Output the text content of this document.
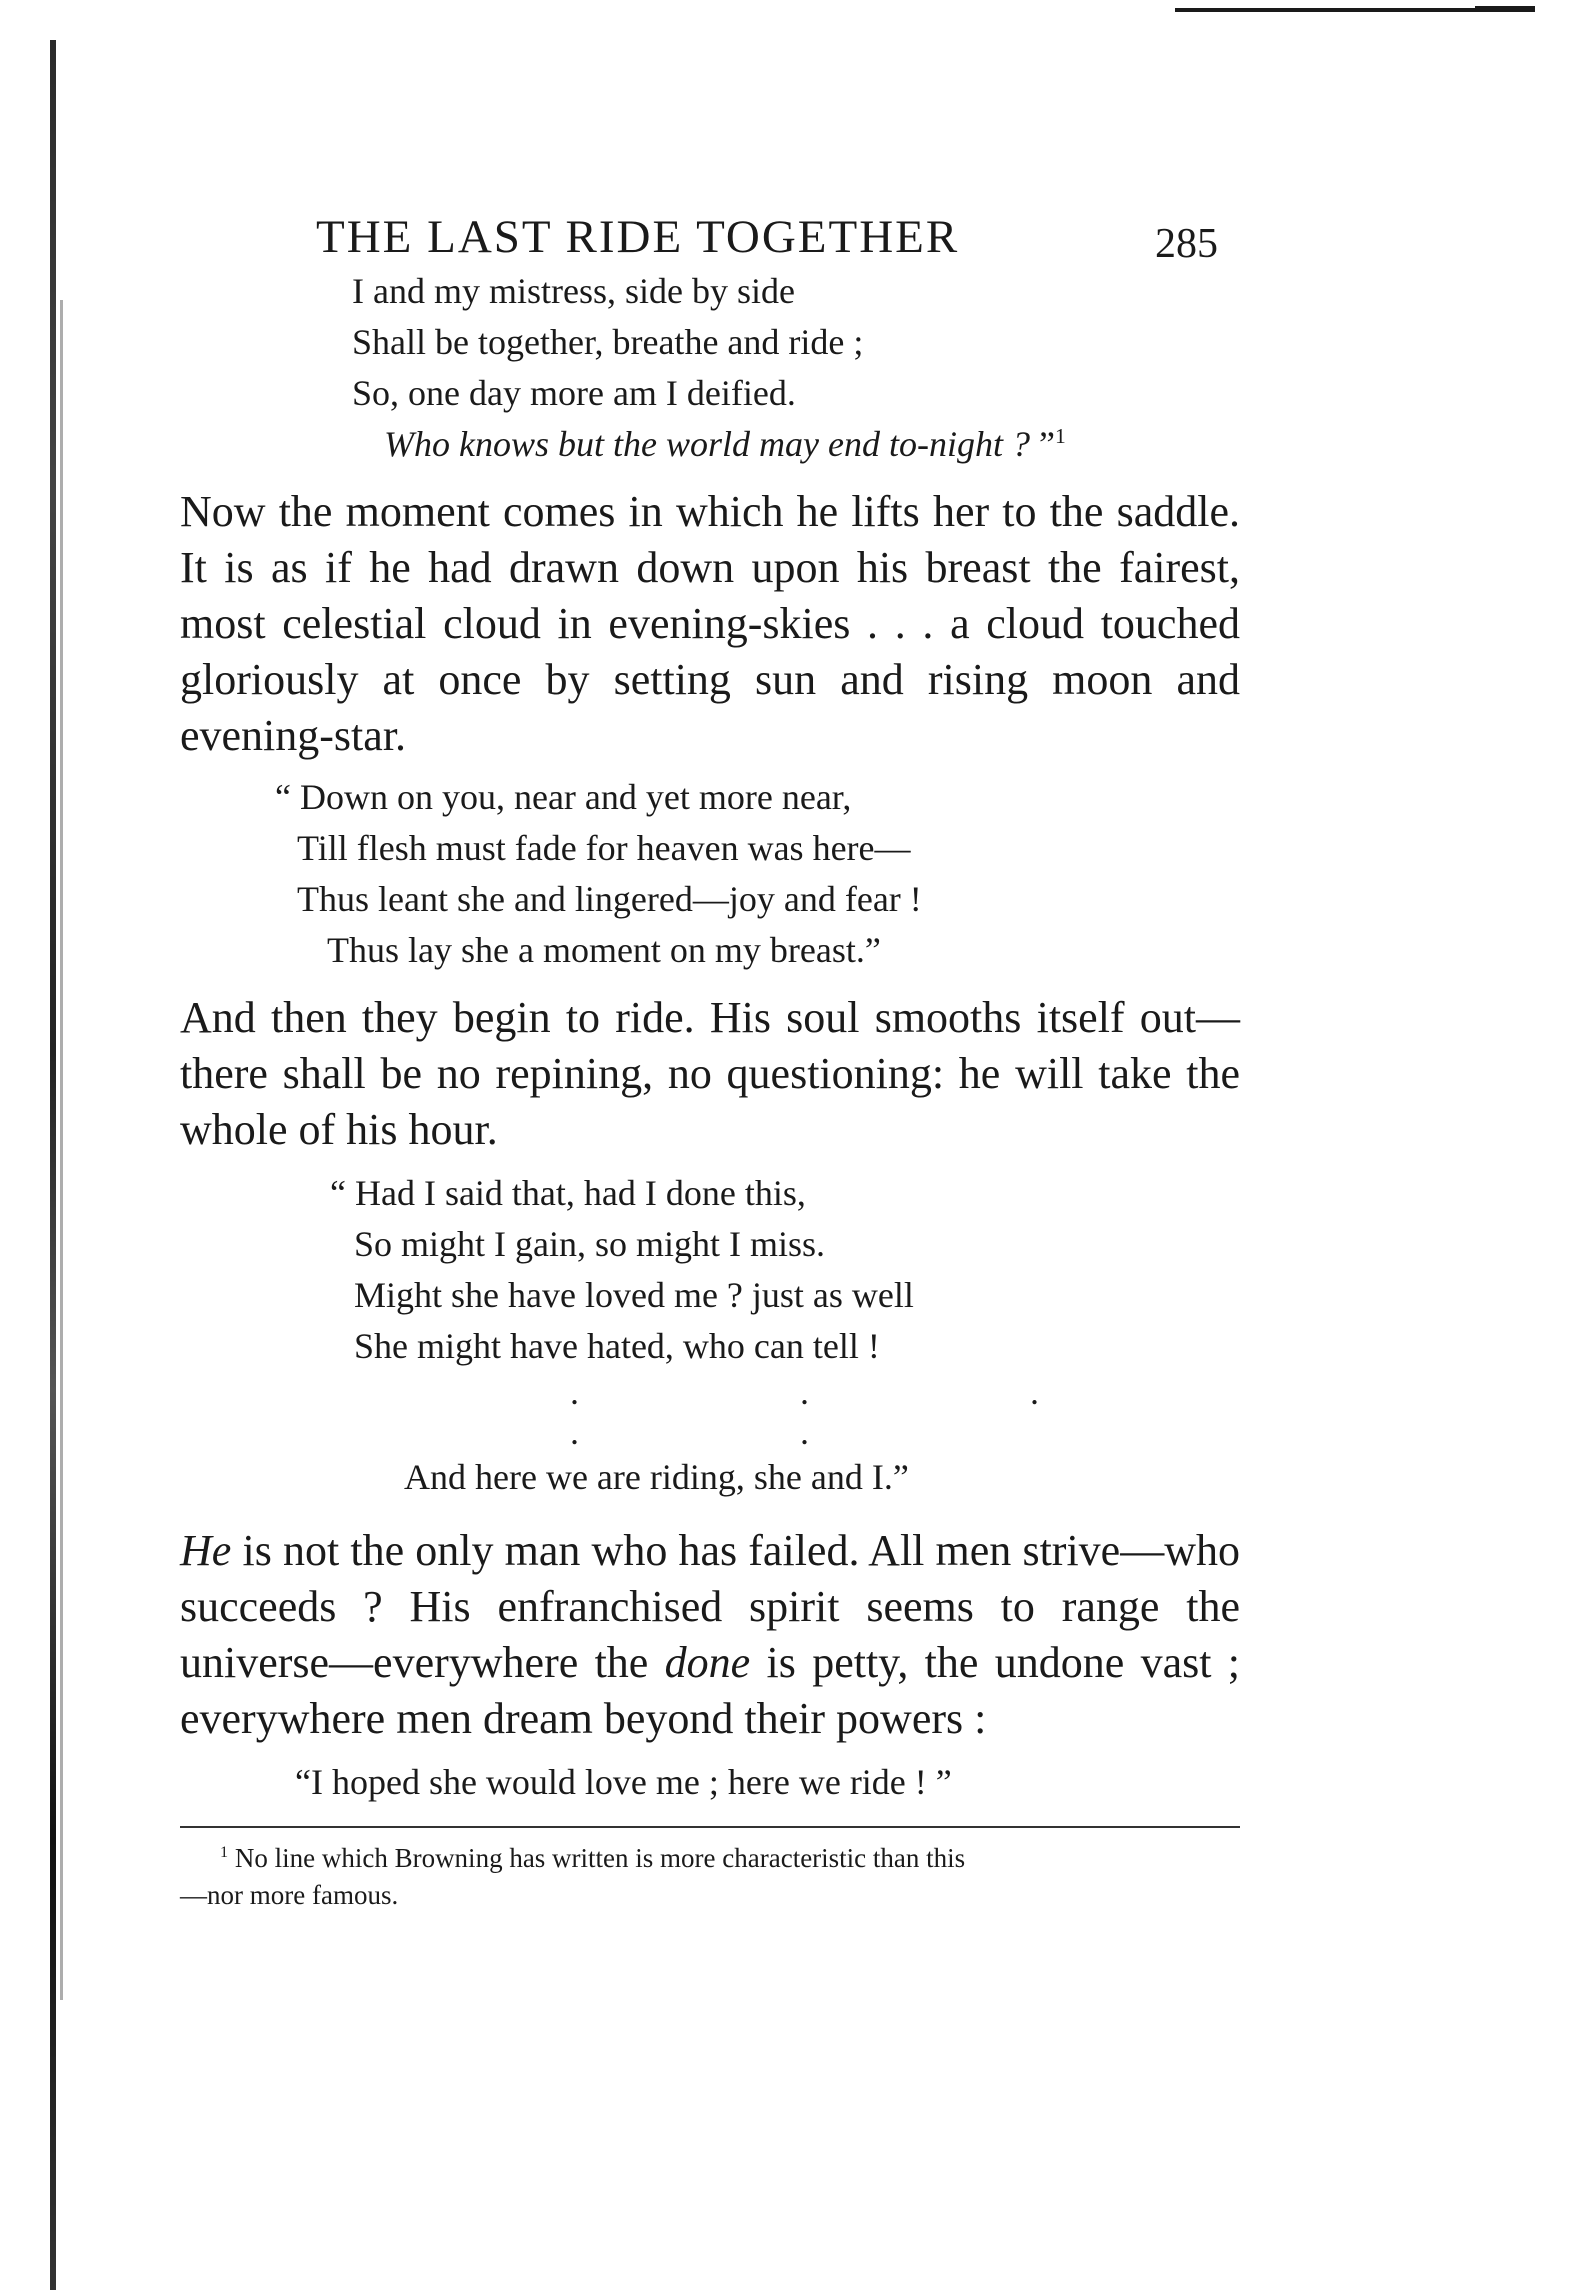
THE LAST RIDE TOGETHER	285
I and my mistress, side by side
Shall be together, breathe and ride ;
So, one day more am I deified.
Who knows but the world may end to-night ? ”$^1$

Now the moment comes in which he lifts her to the saddle. It is as if he had drawn down upon his breast the fairest, most celestial cloud in evening-skies . . . a cloud touched gloriously at once by setting sun and rising moon and evening-star.

“ Down on you, near and yet more near,
Till flesh must fade for heaven was here—
Thus leant she and lingered—joy and fear !
Thus lay she a moment on my breast.”

And then they begin to ride. His soul smooths itself out—there shall be no repining, no questioning: he will take the whole of his hour.

“ Had I said that, had I done this,
So might I gain, so might I miss.
Might she have loved me ? just as well
She might have hated, who can tell !
. . . . .
And here we are riding, she and I.”

He is not the only man who has failed. All men strive—who succeeds ? His enfranchised spirit seems to range the universe—everywhere the done is petty, the undone vast ; everywhere men dream beyond their powers :

“I hoped she would love me ; here we ride ! ”
$^1$ No line which Browning has written is more characteristic than this
—nor more famous.
